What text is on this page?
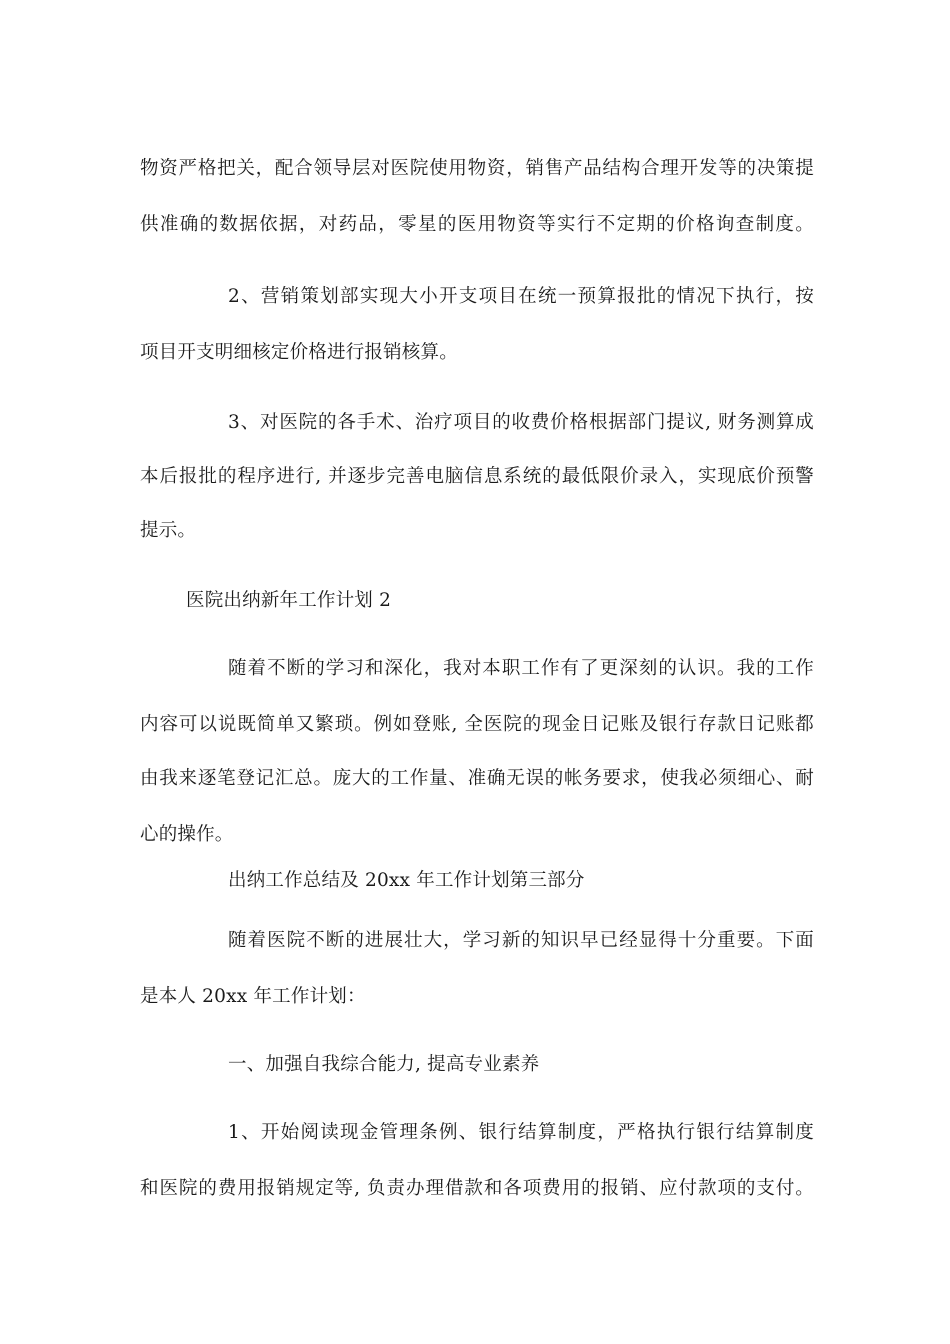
物资严格把关，配合领导层对医院使用物资，销售产品结构合理开发等的决策提
供准确的数据依据，对药品，零星的医用物资等实行不定期的价格询查制度。
2、营销策划部实现大小开支项目在统一预算报批的情况下执行，按
项目开支明细核定价格进行报销核算。
3、对医院的各手术、治疗项目的收费价格根据部门提议, 财务测算成
本后报批的程序进行, 并逐步完善电脑信息系统的最低限价录入，实现底价预警
提示。
医院出纳新年工作计划 2
随着不断的学习和深化，我对本职工作有了更深刻的认识。我的工作
内容可以说既简单又繁琐。例如登账, 全医院的现金日记账及银行存款日记账都
由我来逐笔登记汇总。庞大的工作量、准确无误的帐务要求，使我必须细心、耐
心的操作。
出纳工作总结及 20xx 年工作计划第三部分
随着医院不断的进展壮大，学习新的知识早已经显得十分重要。下面
是本人 20xx 年工作计划：
一、加强自我综合能力, 提高专业素养
1、开始阅读现金管理条例、银行结算制度，严格执行银行结算制度
和医院的费用报销规定等, 负责办理借款和各项费用的报销、应付款项的支付。
